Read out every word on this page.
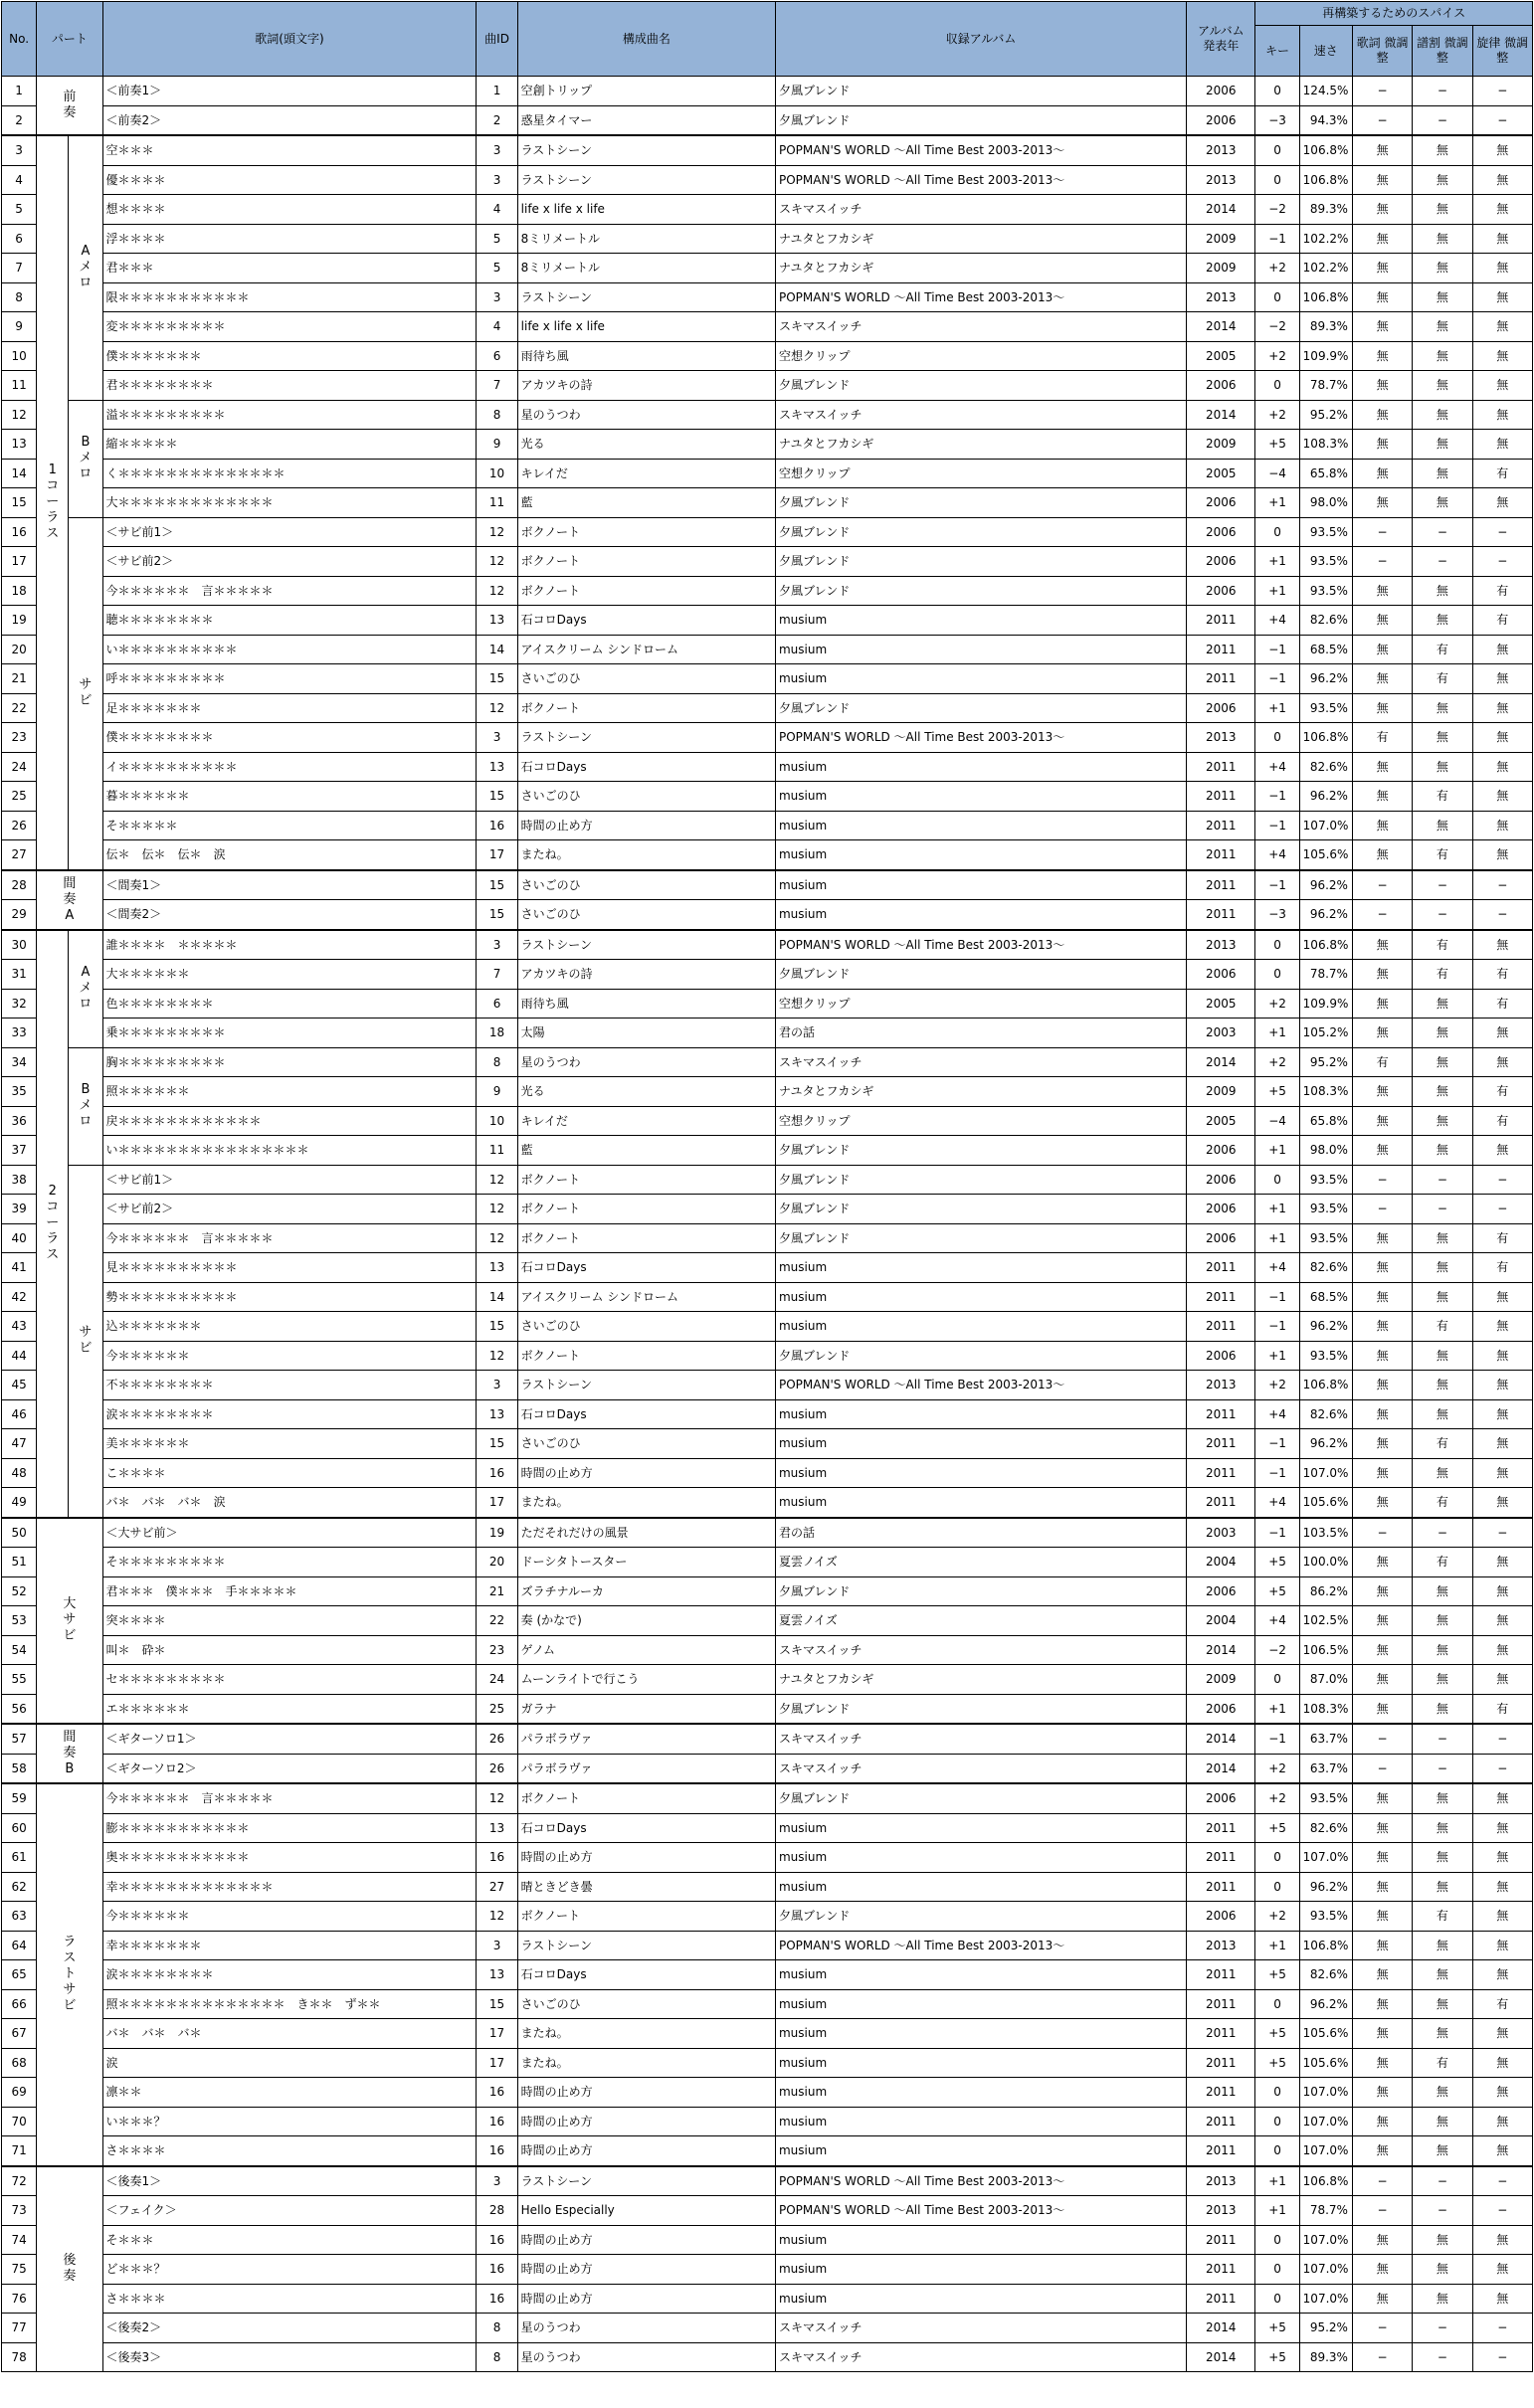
No.	パート		歌詞(頭文字)	曲ID	構成曲名	収録アルバム	アルバム 発表年	再構築するためのスパイス				
								キー	速さ	歌詞 微調整	譜割 微調整	旋律 微調整
1	前奏		＜前奏1＞	1	空創トリップ	夕風ブレンド	2006	0	124.5%	−	−	−
2			＜前奏2＞	2	惑星タイマー	夕風ブレンド	2006	−3	94.3%	−	−	−
3	1コーラス	Aメロ	空＊＊＊	3	ラストシーン	POPMAN'S WORLD 〜All Time Best 2003-2013〜	2013	0	106.8%	無	無	無
4			優＊＊＊＊	3	ラストシーン	POPMAN'S WORLD 〜All Time Best 2003-2013〜	2013	0	106.8%	無	無	無
5			想＊＊＊＊	4	life x life x life	スキマスイッチ	2014	−2	89.3%	無	無	無
6			浮＊＊＊＊	5	8ミリメートル	ナユタとフカシギ	2009	−1	102.2%	無	無	無
7			君＊＊＊	5	8ミリメートル	ナユタとフカシギ	2009	+2	102.2%	無	無	無
8			限＊＊＊＊＊＊＊＊＊＊＊	3	ラストシーン	POPMAN'S WORLD 〜All Time Best 2003-2013〜	2013	0	106.8%	無	無	無
9			変＊＊＊＊＊＊＊＊＊	4	life x life x life	スキマスイッチ	2014	−2	89.3%	無	無	無
10			僕＊＊＊＊＊＊＊	6	雨待ち風	空想クリップ	2005	+2	109.9%	無	無	無
11			君＊＊＊＊＊＊＊＊	7	アカツキの詩	夕風ブレンド	2006	0	78.7%	無	無	無
12		Bメロ	溢＊＊＊＊＊＊＊＊＊	8	星のうつわ	スキマスイッチ	2014	+2	95.2%	無	無	無
13			縮＊＊＊＊＊	9	光る	ナユタとフカシギ	2009	+5	108.3%	無	無	無
14			く＊＊＊＊＊＊＊＊＊＊＊＊＊＊	10	キレイだ	空想クリップ	2005	−4	65.8%	無	無	有
15			大＊＊＊＊＊＊＊＊＊＊＊＊＊	11	藍	夕風ブレンド	2006	+1	98.0%	無	無	無
16		サビ	＜サビ前1＞	12	ボクノート	夕風ブレンド	2006	0	93.5%	−	−	−
17			＜サビ前2＞	12	ボクノート	夕風ブレンド	2006	+1	93.5%	−	−	−
18			今＊＊＊＊＊＊　言＊＊＊＊＊	12	ボクノート	夕風ブレンド	2006	+1	93.5%	無	無	有
19			聴＊＊＊＊＊＊＊＊	13	石コロDays	musium	2011	+4	82.6%	無	無	有
20			い＊＊＊＊＊＊＊＊＊＊	14	アイスクリーム シンドローム	musium	2011	−1	68.5%	無	有	無
21			呼＊＊＊＊＊＊＊＊＊	15	さいごのひ	musium	2011	−1	96.2%	無	有	無
22			足＊＊＊＊＊＊＊	12	ボクノート	夕風ブレンド	2006	+1	93.5%	無	無	無
23			僕＊＊＊＊＊＊＊＊	3	ラストシーン	POPMAN'S WORLD 〜All Time Best 2003-2013〜	2013	0	106.8%	有	無	無
24			イ＊＊＊＊＊＊＊＊＊＊	13	石コロDays	musium	2011	+4	82.6%	無	無	無
25			暮＊＊＊＊＊＊	15	さいごのひ	musium	2011	−1	96.2%	無	有	無
26			そ＊＊＊＊＊	16	時間の止め方	musium	2011	−1	107.0%	無	無	無
27			伝＊　伝＊　伝＊　涙	17	またね。	musium	2011	+4	105.6%	無	有	無
28	間奏A		＜間奏1＞	15	さいごのひ	musium	2011	−1	96.2%	−	−	−
29			＜間奏2＞	15	さいごのひ	musium	2011	−3	96.2%	−	−	−
30	2コーラス	Aメロ	誰＊＊＊＊　＊＊＊＊＊	3	ラストシーン	POPMAN'S WORLD 〜All Time Best 2003-2013〜	2013	0	106.8%	無	有	無
31			大＊＊＊＊＊＊	7	アカツキの詩	夕風ブレンド	2006	0	78.7%	無	有	有
32			色＊＊＊＊＊＊＊＊	6	雨待ち風	空想クリップ	2005	+2	109.9%	無	無	有
33			乗＊＊＊＊＊＊＊＊＊	18	太陽	君の話	2003	+1	105.2%	無	無	無
34		Bメロ	胸＊＊＊＊＊＊＊＊＊	8	星のうつわ	スキマスイッチ	2014	+2	95.2%	有	無	無
35			照＊＊＊＊＊＊	9	光る	ナユタとフカシギ	2009	+5	108.3%	無	無	有
36			戻＊＊＊＊＊＊＊＊＊＊＊＊	10	キレイだ	空想クリップ	2005	−4	65.8%	無	無	有
37			い＊＊＊＊＊＊＊＊＊＊＊＊＊＊＊＊	11	藍	夕風ブレンド	2006	+1	98.0%	無	無	無
38		サビ	＜サビ前1＞	12	ボクノート	夕風ブレンド	2006	0	93.5%	−	−	−
39			＜サビ前2＞	12	ボクノート	夕風ブレンド	2006	+1	93.5%	−	−	−
40			今＊＊＊＊＊＊　言＊＊＊＊＊	12	ボクノート	夕風ブレンド	2006	+1	93.5%	無	無	有
41			見＊＊＊＊＊＊＊＊＊＊	13	石コロDays	musium	2011	+4	82.6%	無	無	有
42			勢＊＊＊＊＊＊＊＊＊＊	14	アイスクリーム シンドローム	musium	2011	−1	68.5%	無	無	無
43			込＊＊＊＊＊＊＊	15	さいごのひ	musium	2011	−1	96.2%	無	有	無
44			今＊＊＊＊＊＊	12	ボクノート	夕風ブレンド	2006	+1	93.5%	無	無	無
45			不＊＊＊＊＊＊＊＊	3	ラストシーン	POPMAN'S WORLD 〜All Time Best 2003-2013〜	2013	+2	106.8%	無	無	無
46			涙＊＊＊＊＊＊＊＊	13	石コロDays	musium	2011	+4	82.6%	無	無	無
47			美＊＊＊＊＊＊	15	さいごのひ	musium	2011	−1	96.2%	無	有	無
48			こ＊＊＊＊	16	時間の止め方	musium	2011	−1	107.0%	無	無	無
49			バ＊　バ＊　バ＊　涙	17	またね。	musium	2011	+4	105.6%	無	有	無
50	大サビ		＜大サビ前＞	19	ただそれだけの風景	君の話	2003	−1	103.5%	−	−	−
51			そ＊＊＊＊＊＊＊＊＊	20	ドーシタトースター	夏雲ノイズ	2004	+5	100.0%	無	有	無
52			君＊＊＊　僕＊＊＊　手＊＊＊＊＊	21	ズラチナルーカ	夕風ブレンド	2006	+5	86.2%	無	無	無
53			突＊＊＊＊	22	奏 (かなで)	夏雲ノイズ	2004	+4	102.5%	無	無	無
54			叫＊　砕＊	23	ゲノム	スキマスイッチ	2014	−2	106.5%	無	無	無
55			セ＊＊＊＊＊＊＊＊＊	24	ムーンライトで行こう	ナユタとフカシギ	2009	0	87.0%	無	無	無
56			エ＊＊＊＊＊＊	25	ガラナ	夕風ブレンド	2006	+1	108.3%	無	無	有
57	間奏B		＜ギターソロ1＞	26	パラボラヴァ	スキマスイッチ	2014	−1	63.7%	−	−	−
58			＜ギターソロ2＞	26	パラボラヴァ	スキマスイッチ	2014	+2	63.7%	−	−	−
59	ラストサビ		今＊＊＊＊＊＊　言＊＊＊＊＊	12	ボクノート	夕風ブレンド	2006	+2	93.5%	無	無	無
60			膨＊＊＊＊＊＊＊＊＊＊＊	13	石コロDays	musium	2011	+5	82.6%	無	無	無
61			奥＊＊＊＊＊＊＊＊＊＊＊	16	時間の止め方	musium	2011	0	107.0%	無	無	無
62			幸＊＊＊＊＊＊＊＊＊＊＊＊＊	27	晴ときどき曇	musium	2011	0	96.2%	無	無	無
63			今＊＊＊＊＊＊	12	ボクノート	夕風ブレンド	2006	+2	93.5%	無	有	無
64			幸＊＊＊＊＊＊＊	3	ラストシーン	POPMAN'S WORLD 〜All Time Best 2003-2013〜	2013	+1	106.8%	無	無	無
65			涙＊＊＊＊＊＊＊＊	13	石コロDays	musium	2011	+5	82.6%	無	無	無
66			照＊＊＊＊＊＊＊＊＊＊＊＊＊＊　き＊＊　ず＊＊	15	さいごのひ	musium	2011	0	96.2%	無	無	有
67			バ＊　バ＊　バ＊	17	またね。	musium	2011	+5	105.6%	無	無	無
68			涙	17	またね。	musium	2011	+5	105.6%	無	有	無
69			凛＊＊	16	時間の止め方	musium	2011	0	107.0%	無	無	無
70			い＊＊＊？	16	時間の止め方	musium	2011	0	107.0%	無	無	無
71			さ＊＊＊＊	16	時間の止め方	musium	2011	0	107.0%	無	無	無
72	後奏		＜後奏1＞	3	ラストシーン	POPMAN'S WORLD 〜All Time Best 2003-2013〜	2013	+1	106.8%	−	−	−
73			＜フェイク＞	28	Hello Especially	POPMAN'S WORLD 〜All Time Best 2003-2013〜	2013	+1	78.7%	−	−	−
74			そ＊＊＊	16	時間の止め方	musium	2011	0	107.0%	無	無	無
75			ど＊＊＊？	16	時間の止め方	musium	2011	0	107.0%	無	無	無
76			さ＊＊＊＊	16	時間の止め方	musium	2011	0	107.0%	無	無	無
77			＜後奏2＞	8	星のうつわ	スキマスイッチ	2014	+5	95.2%	−	−	−
78			＜後奏3＞	8	星のうつわ	スキマスイッチ	2014	+5	89.3%	−	−	−
